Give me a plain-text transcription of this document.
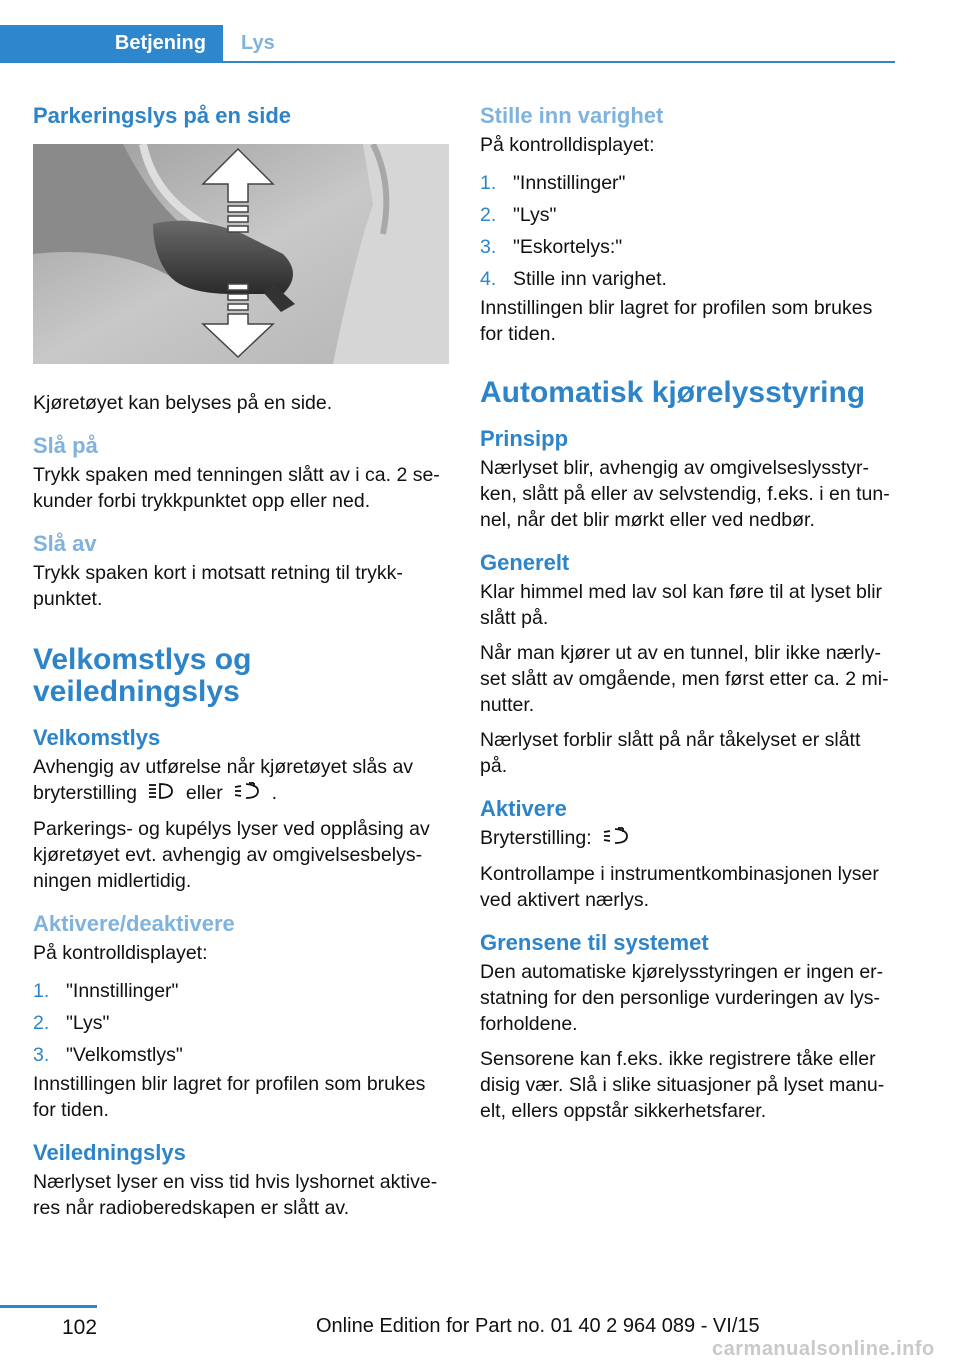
Betjening	Lys
Parkeringslys på en side

Kjøretøyet kan belyses på en side.

Slå på

Trykk spaken med tenningen slått av i ca. 2 se-

kunder forbi trykkpunktet opp eller ned.

Slå av

Trykk spaken kort i motsatt retning til trykk-

punktet.

Velkomstlys og
veiledningslys
Velkomstlys

Avhengig av utførelse når kjøretøyet slås av

bryterstilling	eller	.

Parkerings- og kupélys lyser ved opplåsing av

kjøretøyet evt. avhengig av omgivelsesbelys-

ningen midlertidig.

Aktivere/deaktivere

På kontrolldisplayet:

1. "Innstillinger"
2. "Lys"
3. "Velkomstlys"

Innstillingen blir lagret for profilen som brukes

for tiden.

Veiledningslys

Nærlyset lyser en viss tid hvis lyshornet aktive-

res når radioberedskapen er slått av.

Stille inn varighet

På kontrolldisplayet:

1. "Innstillinger"
2. "Lys"
3. "Eskortelys:"
4. Stille inn varighet.

Innstillingen blir lagret for profilen som brukes

for tiden.

Automatisk kjørelysstyring
Prinsipp

Nærlyset blir, avhengig av omgivelseslysstyr-

ken, slått på eller av selvstendig, f.eks. i en tun-

nel, når det blir mørkt eller ved nedbør.

Generelt

Klar himmel med lav sol kan føre til at lyset blir

slått på.

Når man kjører ut av en tunnel, blir ikke nærly-

set slått av omgående, men først etter ca. 2 mi-

nutter.

Nærlyset forblir slått på når tåkelyset er slått

på.

Aktivere

Bryterstilling:

Kontrollampe i instrumentkombinasjonen lyser

ved aktivert nærlys.

Grensene til systemet

Den automatiske kjørelysstyringen er ingen er-

statning for den personlige vurderingen av lys-

forholdene.

Sensorene kan f.eks. ikke registrere tåke eller

disig vær. Slå i slike situasjoner på lyset manu-

elt, ellers oppstår sikkerhetsfarer.

102	Online Edition for Part no. 01 40 2 964 089 - VI/15
carmanualsonline.info
